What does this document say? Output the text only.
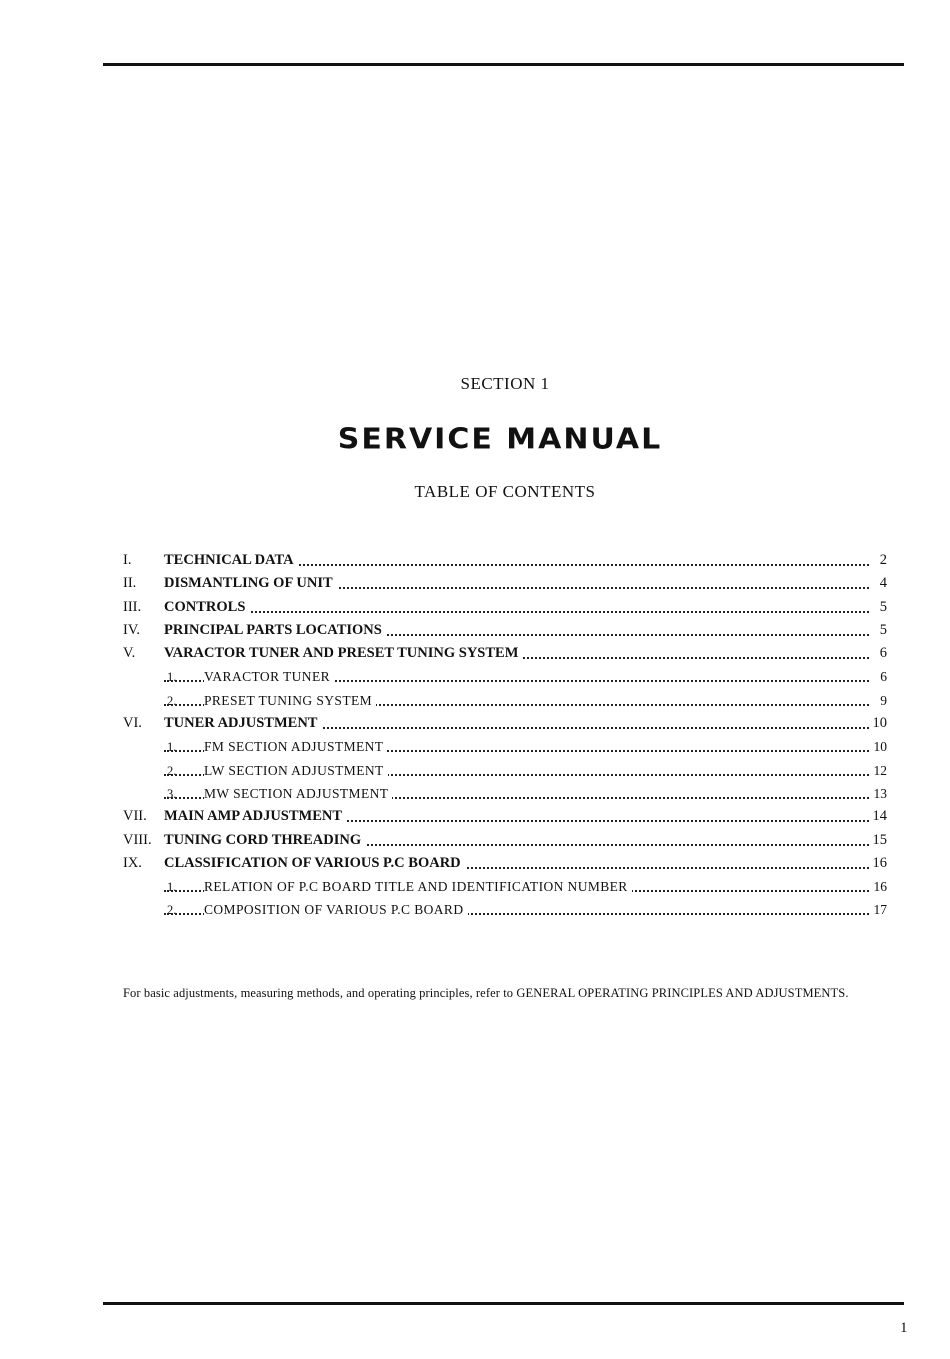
SECTION 1
SERVICE MANUAL
TABLE OF CONTENTS
I. TECHNICAL DATA	2
II. DISMANTLING OF UNIT	4
III. CONTROLS	5
IV. PRINCIPAL PARTS LOCATIONS	5
V. VARACTOR TUNER AND PRESET TUNING SYSTEM	6
1. VARACTOR TUNER	6
2. PRESET TUNING SYSTEM	9
VI. TUNER ADJUSTMENT	10
1. FM SECTION ADJUSTMENT	10
2. LW SECTION ADJUSTMENT	12
3. MW SECTION ADJUSTMENT	13
VII. MAIN AMP ADJUSTMENT	14
VIII. TUNING CORD THREADING	15
IX. CLASSIFICATION OF VARIOUS P.C BOARD	16
1. RELATION OF P.C BOARD TITLE AND IDENTIFICATION NUMBER	16
2. COMPOSITION OF VARIOUS P.C BOARD	17
For basic adjustments, measuring methods, and operating principles, refer to GENERAL OPERATING PRINCIPLES AND ADJUSTMENTS.
1
